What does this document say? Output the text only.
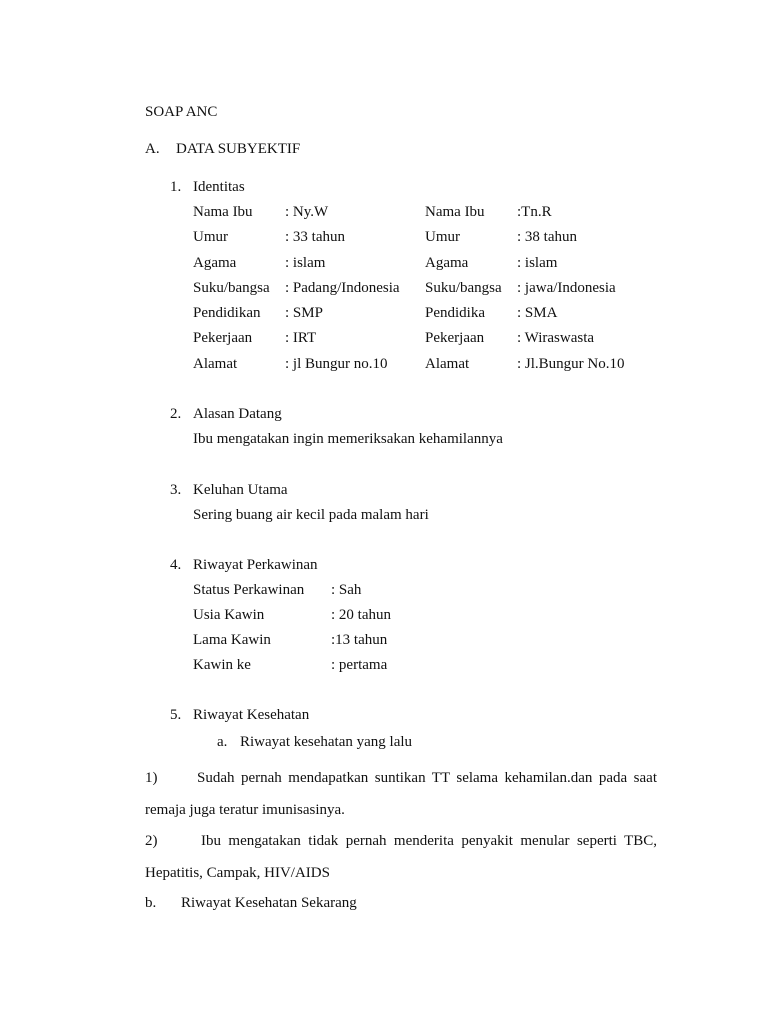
SOAP ANC
A. DATA SUBYEKTIF
1. Identitas
Nama Ibu : Ny.W	Nama Ibu :Tn.R
Umur	: 33 tahun	Umur	: 38 tahun
Agama	: islam	Agama	: islam
Suku/bangsa : Padang/Indonesia Suku/bangsa : jawa/Indonesia
Pendidikan : SMP	Pendidika : SMA
Pekerjaan : IRT	Pekerjaan : Wiraswasta
Alamat	: jl Bungur no.10 Alamat	: Jl.Bungur No.10
2. Alasan Datang
Ibu mengatakan ingin memeriksakan kehamilannya
3. Keluhan Utama
Sering buang air kecil pada malam hari
4. Riwayat Perkawinan
Status Perkawinan : Sah
Usia Kawin	: 20 tahun
Lama Kawin	:13 tahun
Kawin ke	: pertama
5. Riwayat Kesehatan
a. Riwayat kesehatan yang lalu
1)	Sudah pernah mendapatkan suntikan TT selama kehamilan.dan pada saat
remaja juga teratur imunisasinya.
2)	Ibu mengatakan tidak pernah menderita penyakit menular seperti TBC,
Hepatitis, Campak, HIV/AIDS
b. Riwayat Kesehatan Sekarang
